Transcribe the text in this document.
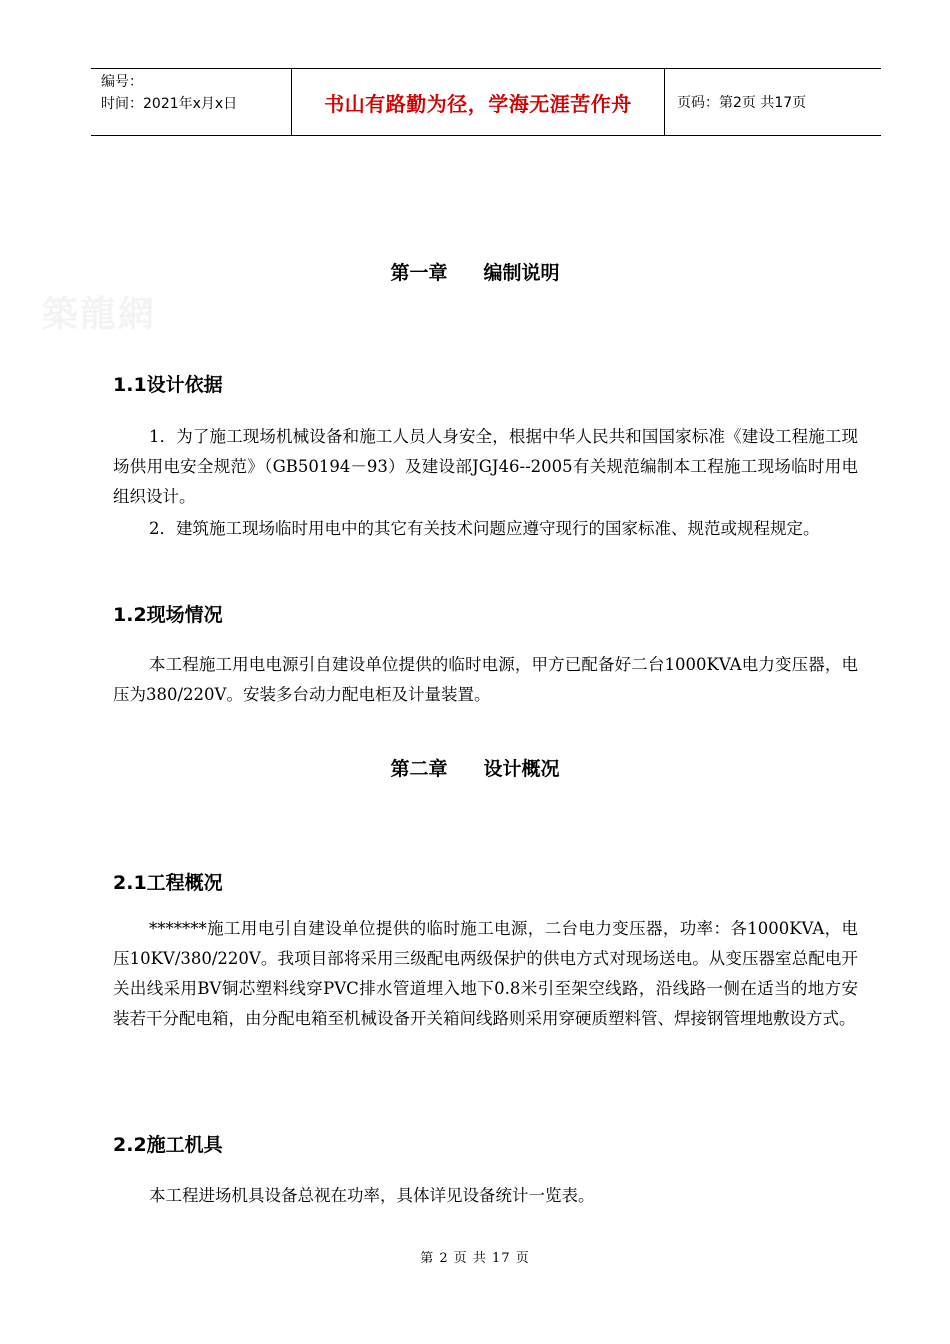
编号：
时间：2021年x月x日	书山有路勤为径，学海无涯苦作舟	页码：第2页 共17页
築龍網
第一章 编制说明
1.1设计依据

1．为了施工现场机械设备和施工人员人身安全，根据中华人民共和国国家标准《建设工程施工现场供用电安全规范》（GB50194－93）及建设部JGJ46--2005有关规范编制本工程施工现场临时用电组织设计。

2．建筑施工现场临时用电中的其它有关技术问题应遵守现行的国家标准、规范或规程规定。

1.2现场情况

本工程施工用电电源引自建设单位提供的临时电源，甲方已配备好二台1000KVA电力变压器，电压为380/220V。安装多台动力配电柜及计量装置。

第二章 设计概况
2.1工程概况

*******施工用电引自建设单位提供的临时施工电源，二台电力变压器，功率：各1000KVA，电压10KV/380/220V。我项目部将采用三级配电两级保护的供电方式对现场送电。从变压器室总配电开关出线采用BV铜芯塑料线穿PVC排水管道埋入地下0.8米引至架空线路，沿线路一侧在适当的地方安装若干分配电箱，由分配电箱至机械设备开关箱间线路则采用穿硬质塑料管、焊接钢管埋地敷设方式。

2.2施工机具

本工程进场机具设备总视在功率，具体详见设备统计一览表。

第 2 页 共 17 页
